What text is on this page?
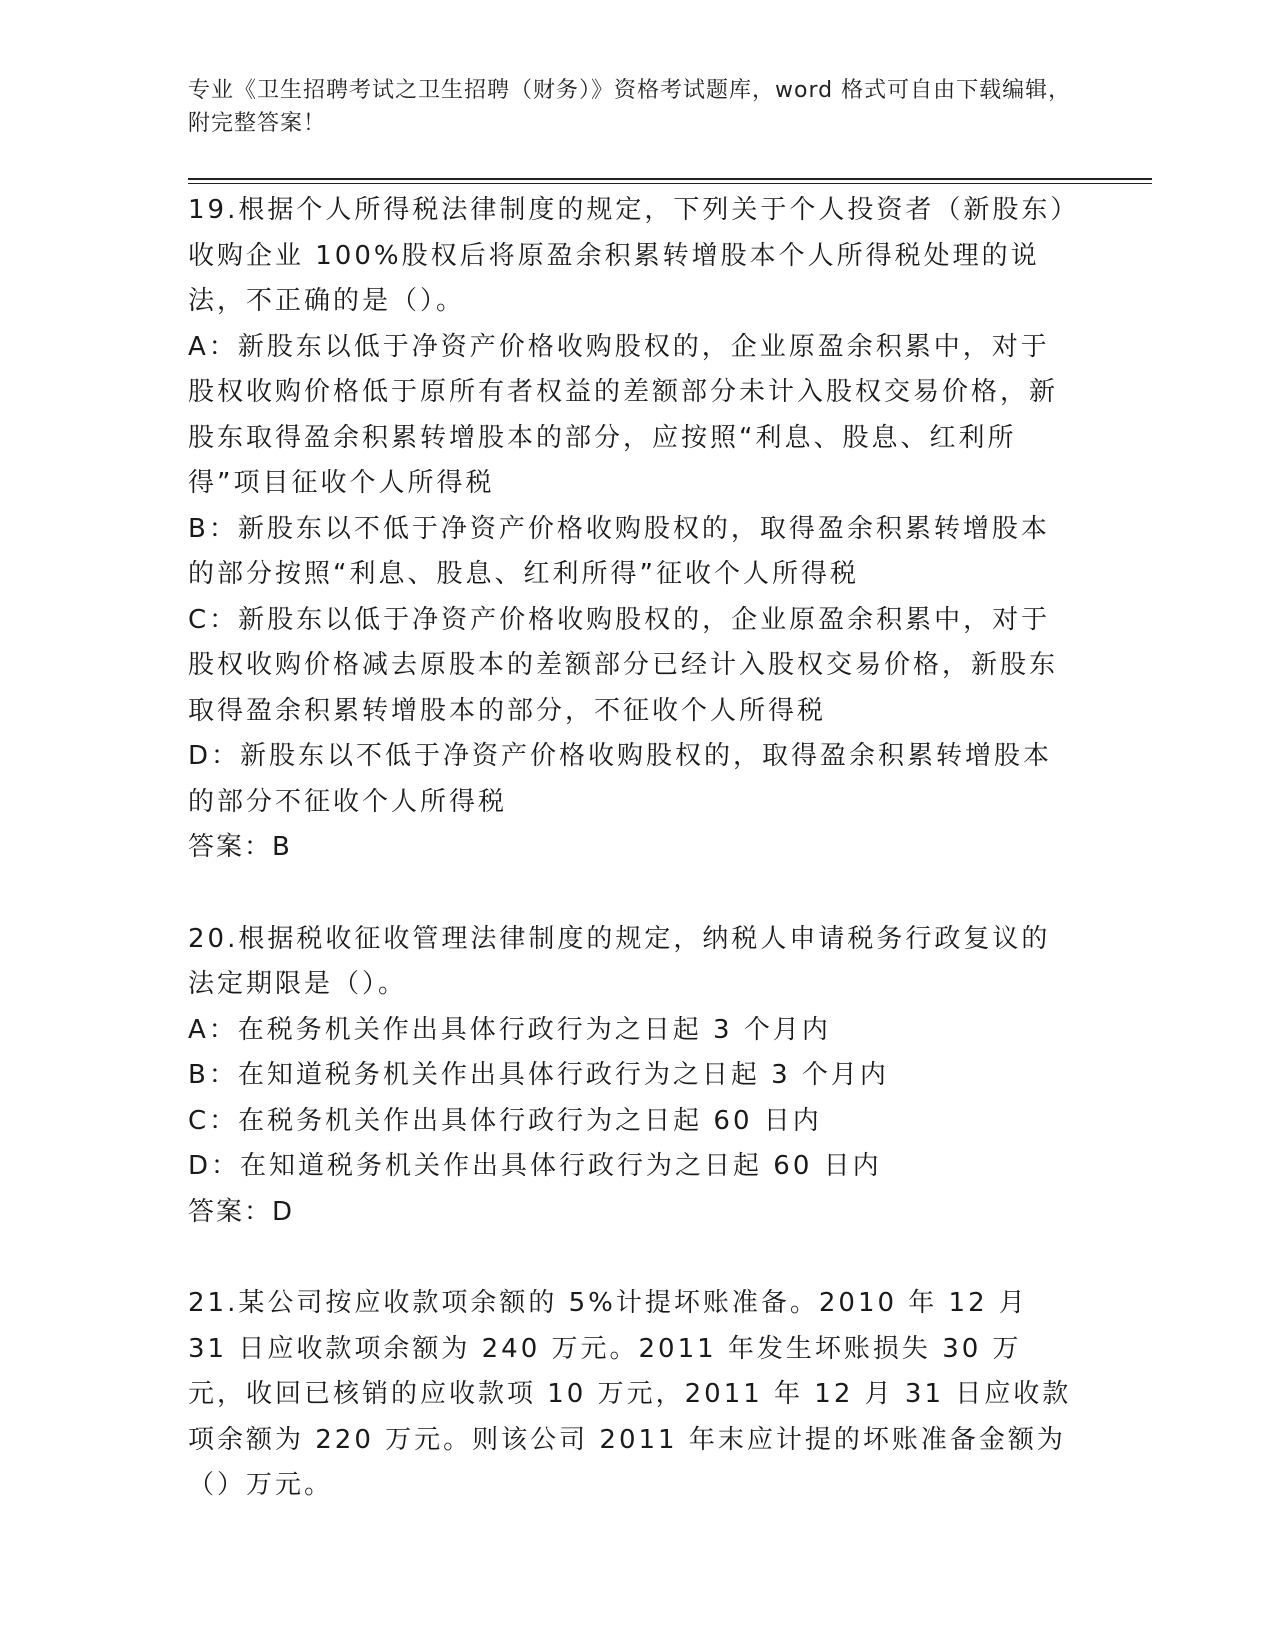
专业《卫生招聘考试之卫生招聘（财务）》资格考试题库，word 格式可自由下载编辑，附完整答案！

19.根据个人所得税法律制度的规定，下列关于个人投资者（新股东）收购企业 100%股权后将原盈余积累转增股本个人所得税处理的说法，不正确的是（）。

A：新股东以低于净资产价格收购股权的，企业原盈余积累中，对于股权收购价格低于原所有者权益的差额部分未计入股权交易价格，新股东取得盈余积累转增股本的部分，应按照“利息、股息、红利所得”项目征收个人所得税

B：新股东以不低于净资产价格收购股权的，取得盈余积累转增股本的部分按照“利息、股息、红利所得”征收个人所得税

C：新股东以低于净资产价格收购股权的，企业原盈余积累中，对于股权收购价格减去原股本的差额部分已经计入股权交易价格，新股东取得盈余积累转增股本的部分，不征收个人所得税

D：新股东以不低于净资产价格收购股权的，取得盈余积累转增股本的部分不征收个人所得税

答案：B

20.根据税收征收管理法律制度的规定，纳税人申请税务行政复议的法定期限是（）。

A：在税务机关作出具体行政行为之日起 3 个月内

B：在知道税务机关作出具体行政行为之日起 3 个月内

C：在税务机关作出具体行政行为之日起 60 日内

D：在知道税务机关作出具体行政行为之日起 60 日内

答案：D

21.某公司按应收款项余额的 5%计提坏账准备。2010 年 12 月 31 日应收款项余额为 240 万元。2011 年发生坏账损失 30 万元，收回已核销的应收款项 10 万元，2011 年 12 月 31 日应收款项余额为 220 万元。则该公司 2011 年末应计提的坏账准备金额为（）万元。
